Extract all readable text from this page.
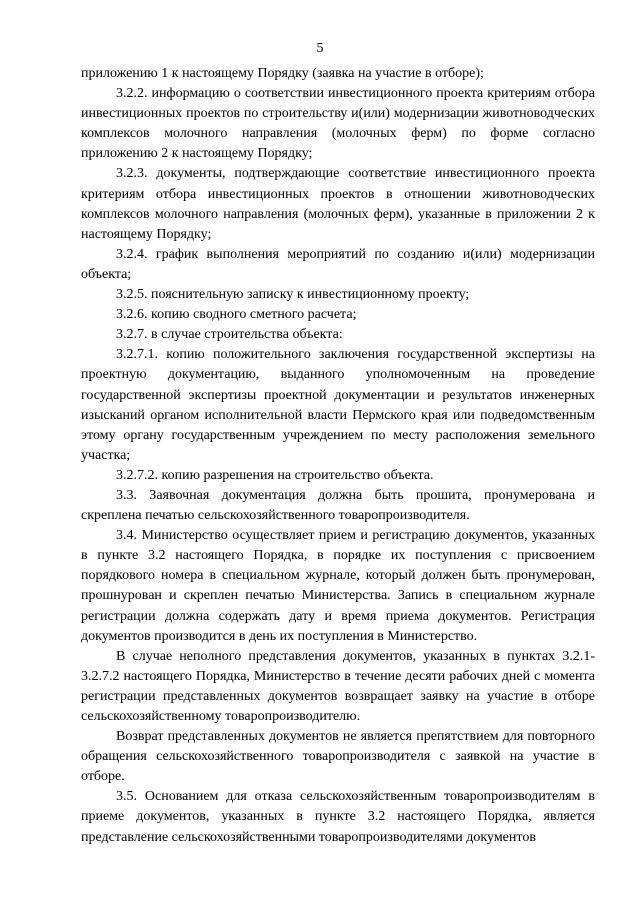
5

приложению 1 к настоящему Порядку (заявка на участие в отборе);

3.2.2. информацию о соответствии инвестиционного проекта критериям отбора инвестиционных проектов по строительству и(или) модернизации животноводческих комплексов молочного направления (молочных ферм) по форме согласно приложению 2 к настоящему Порядку;

3.2.3. документы, подтверждающие соответствие инвестиционного проекта критериям отбора инвестиционных проектов в отношении животноводческих комплексов молочного направления (молочных ферм), указанные в приложении 2 к настоящему Порядку;

3.2.4. график выполнения мероприятий по созданию и(или) модернизации объекта;

3.2.5. пояснительную записку к инвестиционному проекту;

3.2.6. копию сводного сметного расчета;

3.2.7. в случае строительства объекта:

3.2.7.1. копию положительного заключения государственной экспертизы на проектную документацию, выданного уполномоченным на проведение государственной экспертизы проектной документации и результатов инженерных изысканий органом исполнительной власти Пермского края или подведомственным этому органу государственным учреждением по месту расположения земельного участка;

3.2.7.2. копию разрешения на строительство объекта.

3.3. Заявочная документация должна быть прошита, пронумерована и скреплена печатью сельскохозяйственного товаропроизводителя.

3.4. Министерство осуществляет прием и регистрацию документов, указанных в пункте 3.2 настоящего Порядка, в порядке их поступления с присвоением порядкового номера в специальном журнале, который должен быть пронумерован, прошнурован и скреплен печатью Министерства. Запись в специальном журнале регистрации должна содержать дату и время приема документов. Регистрация документов производится в день их поступления в Министерство.

В случае неполного представления документов, указанных в пунктах 3.2.1-3.2.7.2 настоящего Порядка, Министерство в течение десяти рабочих дней с момента регистрации представленных документов возвращает заявку на участие в отборе сельскохозяйственному товаропроизводителю.

Возврат представленных документов не является препятствием для повторного обращения сельскохозяйственного товаропроизводителя с заявкой на участие в отборе.

3.5. Основанием для отказа сельскохозяйственным товаропроизводителям в приеме документов, указанных в пункте 3.2 настоящего Порядка, является представление сельскохозяйственными товаропроизводителями документов
